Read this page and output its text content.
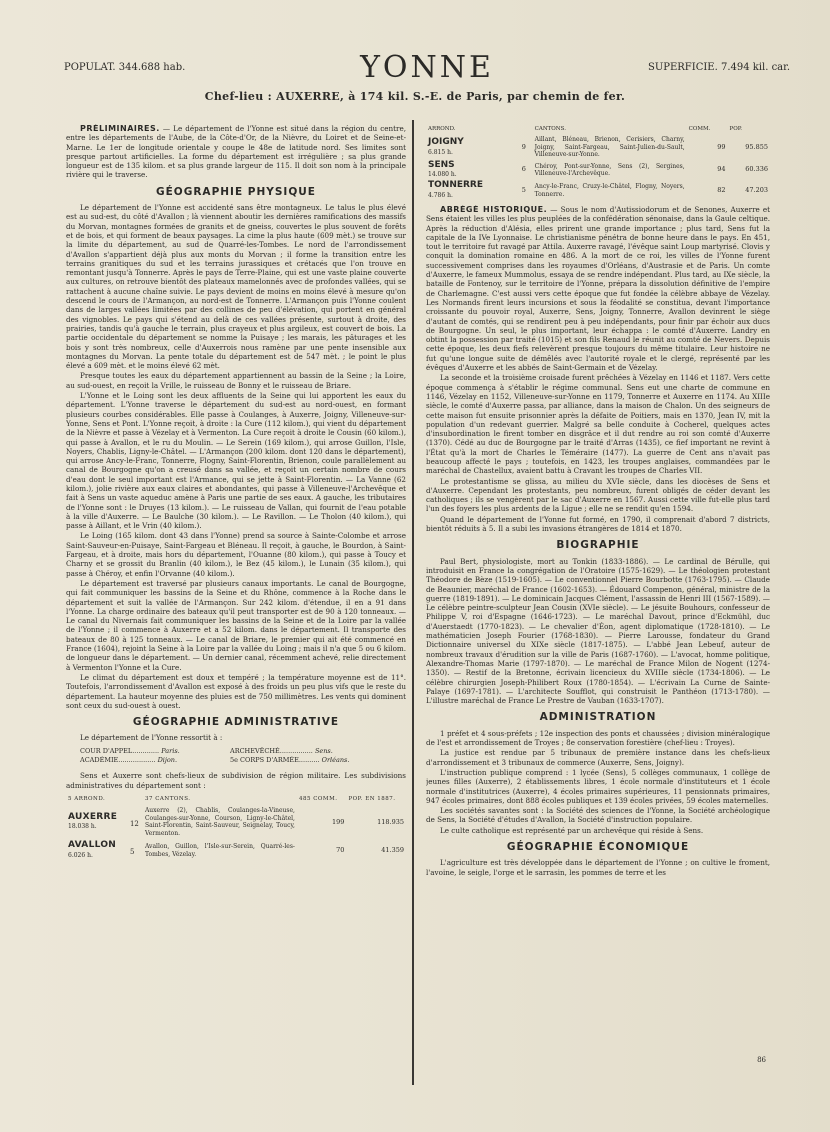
POPULAT. 344.688 hab.	YONNE	SUPERFICIE. 7.494 kil. car.
Chef-lieu : AUXERRE, à 174 kil. S.-E. de Paris, par chemin de fer.

PRÉLIMINAIRES. — Le département de l'Yonne est situé dans la région du centre, entre les départements de l'Aube, de la Côte-d'Or, de la Nièvre, du Loiret et de Seine-et-Marne. Le 1er de longitude orientale y coupe le 48e de latitude nord. Ses limites sont presque partout artificielles. La forme du département est irrégulière ; sa plus grande longueur est de 135 kilom. et sa plus grande largeur de 115. Il doit son nom à la principale rivière qui le traverse.

GÉOGRAPHIE PHYSIQUE

Le département de l'Yonne est accidenté sans être montagneux. Le talus le plus élevé est au sud-est, du côté d'Avallon ; là viennent aboutir les dernières ramifications des massifs du Morvan, montagnes formées de granits et de gneiss, couvertes le plus souvent de forêts et de bois, et qui forment de beaux paysages. La cime la plus haute (609 mèt.) se trouve sur la limite du département, au sud de Quarré-les-Tombes. Le nord de l'arrondissement d'Avallon s'appartient déjà plus aux monts du Morvan ; il forme la transition entre les terrains granitiques du sud et les terrains jurassiques et crétacés que l'on trouve en remontant jusqu'à Tonnerre. Après le pays de Terre-Plaine, qui est une vaste plaine couverte aux cultures, on retrouve bientôt des plateaux mamelonnés avec de profondes vallées, qui se rattachent à aucune chaîne suivie. Le pays devient de moins en moins élevé à mesure qu'on descend le cours de l'Armançon, au nord-est de Tonnerre. L'Armançon puis l'Yonne coulent dans de larges vallées limitées par des collines de peu d'élévation, qui portent en général des vignobles. Le pays qui s'étend au delà de ces vallées présente, surtout à droite, des prairies, tandis qu'à gauche le terrain, plus crayeux et plus argileux, est couvert de bois. La partie occidentale du département se nomme la Puisaye ; les marais, les pâturages et les bois y sont très nombreux, celle d'Auxerrois nous ramène par une pente insensible aux montagnes du Morvan. La pente totale du département est de 547 mèt. ; le point le plus élevé a 609 mèt. et le moins élevé 62 mèt.

Presque toutes les eaux du département appartiennent au bassin de la Seine ; la Loire, au sud-ouest, en reçoit la Vrille, le ruisseau de Bonny et le ruisseau de Briare.

L'Yonne et le Loing sont les deux affluents de la Seine qui lui apportent les eaux du département. L'Yonne traverse le département du sud-est au nord-ouest, en formant plusieurs courbes considérables. Elle passe à Coulanges, à Auxerre, Joigny, Villeneuve-sur-Yonne, Sens et Pont. L'Yonne reçoit, à droite : la Cure (112 kilom.), qui vient du département de la Nièvre et passe à Vézelay et à Vermenton. La Cure reçoit à droite le Cousin (60 kilom.), qui passe à Avallon, et le ru du Moulin. — Le Serein (169 kilom.), qui arrose Guillon, l'Isle, Noyers, Chablis, Ligny-le-Châtel. — L'Armançon (200 kilom. dont 120 dans le département), qui arrose Ancy-le-Franc, Tonnerre, Flogny, Saint-Florentin, Brienon, coule parallèlement au canal de Bourgogne qu'on a creusé dans sa vallée, et reçoit un certain nombre de cours d'eau dont le seul important est l'Armance, qui se jette à Saint-Florentin. — La Vanne (62 kilom.), jolie rivière aux eaux claires et abondantes, qui passe à Villeneuve-l'Archevêque et fait à Sens un vaste aqueduc amène à Paris une partie de ses eaux. A gauche, les tributaires de l'Yonne sont : le Druyes (13 kilom.). — Le ruisseau de Vallan, qui fournit de l'eau potable à la ville d'Auxerre. — Le Baulche (30 kilom.). — Le Ravillon. — Le Tholon (40 kilom.), qui passe à Aillant, et le Vrin (40 kilom.).

Le Loing (165 kilom. dont 43 dans l'Yonne) prend sa source à Sainte-Colombe et arrose Saint-Sauveur-en-Puisaye, Saint-Fargeau et Bléneau. Il reçoit, à gauche, le Bourdon, à Saint-Fargeau, et à droite, mais hors du département, l'Ouanne (80 kilom.), qui passe à Toucy et Charny et se grossit du Branlin (40 kilom.), le Bez (45 kilom.), le Lunain (35 kilom.), qui passe à Chéroy, et enfin l'Orvanne (40 kilom.).

Le département est traversé par plusieurs canaux importants. Le canal de Bourgogne, qui fait communiquer les bassins de la Seine et du Rhône, commence à la Roche dans le département et suit la vallée de l'Armançon. Sur 242 kilom. d'étendue, il en a 91 dans l'Yonne. La charge ordinaire des bateaux qu'il peut transporter est de 90 à 120 tonneaux. — Le canal du Nivernais fait communiquer les bassins de la Seine et de la Loire par la vallée de l'Yonne ; il commence à Auxerre et a 52 kilom. dans le département. Il transporte des bateaux de 80 à 125 tonneaux. — Le canal de Briare, le premier qui ait été commencé en France (1604), rejoint la Seine à la Loire par la vallée du Loing ; mais il n'a que 5 ou 6 kilom. de longueur dans le département. — Un dernier canal, récemment achevé, relie directement à Vermenton l'Yonne et la Cure.

Le climat du département est doux et tempéré ; la température moyenne est de 11°. Toutefois, l'arrondissement d'Avallon est exposé à des froids un peu plus vifs que le reste du département. La hauteur moyenne des pluies est de 750 millimètres. Les vents qui dominent sont ceux du sud-ouest à ouest.

GÉOGRAPHIE ADMINISTRATIVE
Le département de l'Yonne ressortit à :
COUR D'APPEL............. Paris.	ARCHEVÊCHÉ................ Sens.
ACADÉMIE.................. Dijon.	5e CORPS D'ARMÉE.......... Orléans.

Sens et Auxerre sont chefs-lieux de subdivision de région militaire. Les subdivisions administratives du département sont :

5 ARROND.		37 CANTONS.	485 COMM.	POP. EN 1887.
AUXERRE
18.038 h.	12	Auxerre (2), Chablis, Coulanges-la-Vineuse, Coulanges-sur-Yonne, Courson, Ligny-le-Châtel, Saint-Florentin, Saint-Sauveur, Seignelay, Toucy, Vermenton.	199	118.935
AVALLON
6.026 h.	5	Avallon, Guillon, l'Isle-sur-Serein, Quarré-les-Tombes, Vézelay.	70	41.359
ARROND.		CANTONS.	COMM.	POP.
JOIGNY
6.815 h.	9	Aillant, Bléneau, Brienon, Cerisiers, Charny, Joigny, Saint-Fargeau, Saint-Julien-du-Sault, Villeneuve-sur-Yonne.	99	95.855
SENS
14.080 h.	6	Chéroy, Pont-sur-Yonne, Sens (2), Sergines, Villeneuve-l'Archevêque.	94	60.336
TONNERRE
4.786 h.	5	Ancy-le-Franc, Cruzy-le-Châtel, Flogny, Noyers, Tonnerre.	82	47.203

ABRÉGÉ HISTORIQUE. — Sous le nom d'Autissiodorum et de Senones, Auxerre et Sens étaient les villes les plus peuplées de la confédération sénonaise, dans la Gaule celtique. Après la réduction d'Alésia, elles prirent une grande importance ; plus tard, Sens fut la capitale de la IVe Lyonnaise. Le christianisme pénétra de bonne heure dans le pays. En 451, tout le territoire fut ravagé par Attila. Auxerre ravagé, l'évêque saint Loup martyrisé. Clovis y conquit la domination romaine en 486. A la mort de ce roi, les villes de l'Yonne furent successivement comprises dans les royaumes d'Orléans, d'Austrasie et de Paris. Un comte d'Auxerre, le fameux Mummolus, essaya de se rendre indépendant. Plus tard, au IXe siècle, la bataille de Fontenoy, sur le territoire de l'Yonne, prépara la dissolution définitive de l'empire de Charlemagne. C'est aussi vers cette époque que fut fondée la célèbre abbaye de Vézelay. Les Normands firent leurs incursions et sous la féodalité se constitua, devant l'importance croissante du pouvoir royal, Auxerre, Sens, Joigny, Tonnerre, Avallon devinrent le siège d'autant de comtés, qui se rendirent peu à peu indépendants, pour finir par échoir aux ducs de Bourgogne. Un seul, le plus important, leur échappa : le comté d'Auxerre. Landry en obtint la possession par traité (1015) et son fils Renaud le réunit au comté de Nevers. Depuis cette époque, les deux fiefs relevèrent presque toujours du même titulaire. Leur histoire ne fut qu'une longue suite de démêlés avec l'autorité royale et le clergé, représenté par les évêques d'Auxerre et les abbés de Saint-Germain et de Vézelay.

La seconde et la troisième croisade furent prêchées à Vézelay en 1146 et 1187. Vers cette époque commença à s'établir le régime communal. Sens eut une charte de commune en 1146, Vézelay en 1152, Villeneuve-sur-Yonne en 1179, Tonnerre et Auxerre en 1174. Au XIIIe siècle, le comté d'Auxerre passa, par alliance, dans la maison de Chalon. Un des seigneurs de cette maison fut ensuite prisonnier après la défaite de Poitiers, mais en 1370, Jean IV, mit la population d'un redevant guerrier. Malgré sa belle conduite à Cocherel, quelques actes d'insubordination le firent tomber en disgrâce et il dut rendre au roi son comté d'Auxerre (1370). Cédé au duc de Bourgogne par le traité d'Arras (1435), ce fief important ne revint à l'État qu'à la mort de Charles le Téméraire (1477). La guerre de Cent ans n'avait pas beaucoup affecté le pays ; toutefois, en 1423, les troupes anglaises, commandées par le maréchal de Chastellux, avaient battu à Cravant les troupes de Charles VII.

Le protestantisme se glissa, au milieu du XVIe siècle, dans les diocèses de Sens et d'Auxerre. Cependant les protestants, peu nombreux, furent obligés de céder devant les catholiques ; ils se vengèrent par le sac d'Auxerre en 1567. Aussi cette ville fut-elle plus tard l'un des foyers les plus ardents de la Ligue ; elle ne se rendit qu'en 1594.

Quand le département de l'Yonne fut formé, en 1790, il comprenait d'abord 7 districts, bientôt réduits à 5. Il a subi les invasions étrangères de 1814 et 1870.

BIOGRAPHIE

Paul Bert, physiologiste, mort au Tonkin (1833-1886). — Le cardinal de Bérulle, qui introduisit en France la congrégation de l'Oratoire (1575-1629). — Le théologien protestant Théodore de Bèze (1519-1605). — Le conventionnel Pierre Bourbotte (1763-1795). — Claude de Beaunier, maréchal de France (1602-1653). — Édouard Compenon, général, ministre de la guerre (1819-1891). — Le dominicain Jacques Clément, l'assassin de Henri III (1567-1589). — Le célèbre peintre-sculpteur Jean Cousin (XVIe siècle). — Le jésuite Bouhours, confesseur de Philippe V, roi d'Espagne (1646-1723). — Le maréchal Davout, prince d'Eckmühl, duc d'Auerstaedt (1770-1823). — Le chevalier d'Éon, agent diplomatique (1728-1810). — Le mathématicien Joseph Fourier (1768-1830). — Pierre Larousse, fondateur du Grand Dictionnaire universel du XIXe siècle (1817-1875). — L'abbé Jean Lebeuf, auteur de nombreux travaux d'érudition sur la ville de Paris (1687-1760). — L'avocat, homme politique, Alexandre-Thomas Marie (1797-1870). — Le maréchal de France Milon de Nogent (1274-1350). — Restif de la Bretonne, écrivain licencieux du XVIIIe siècle (1734-1806). — Le célèbre chirurgien Joseph-Philibert Roux (1780-1854). — L'écrivain La Curne de Sainte-Palaye (1697-1781). — L'architecte Soufflot, qui construisit le Panthéon (1713-1780). — L'illustre maréchal de France Le Prestre de Vauban (1633-1707).

ADMINISTRATION

1 préfet et 4 sous-préfets ; 12e inspection des ponts et chaussées ; division minéralogique de l'est et arrondissement de Troyes ; 8e conservation forestière (chef-lieu : Troyes).

La justice est rendue par 5 tribunaux de première instance dans les chefs-lieux d'arrondissement et 3 tribunaux de commerce (Auxerre, Sens, Joigny).

L'instruction publique comprend : 1 lycée (Sens), 5 collèges communaux, 1 collège de jeunes filles (Auxerre), 2 établissements libres, 1 école normale d'instituteurs et 1 école normale d'institutrices (Auxerre), 4 écoles primaires supérieures, 11 pensionnats primaires, 947 écoles primaires, dont 888 écoles publiques et 139 écoles privées, 59 écoles maternelles.

Les sociétés savantes sont : la Société des sciences de l'Yonne, la Société archéologique de Sens, la Société d'études d'Avallon, la Société d'instruction populaire.

Le culte catholique est représenté par un archevêque qui réside à Sens.

GÉOGRAPHIE ÉCONOMIQUE

L'agriculture est très développée dans le département de l'Yonne ; on cultive le froment, l'avoine, le seigle, l'orge et le sarrasin, les pommes de terre et les

86
